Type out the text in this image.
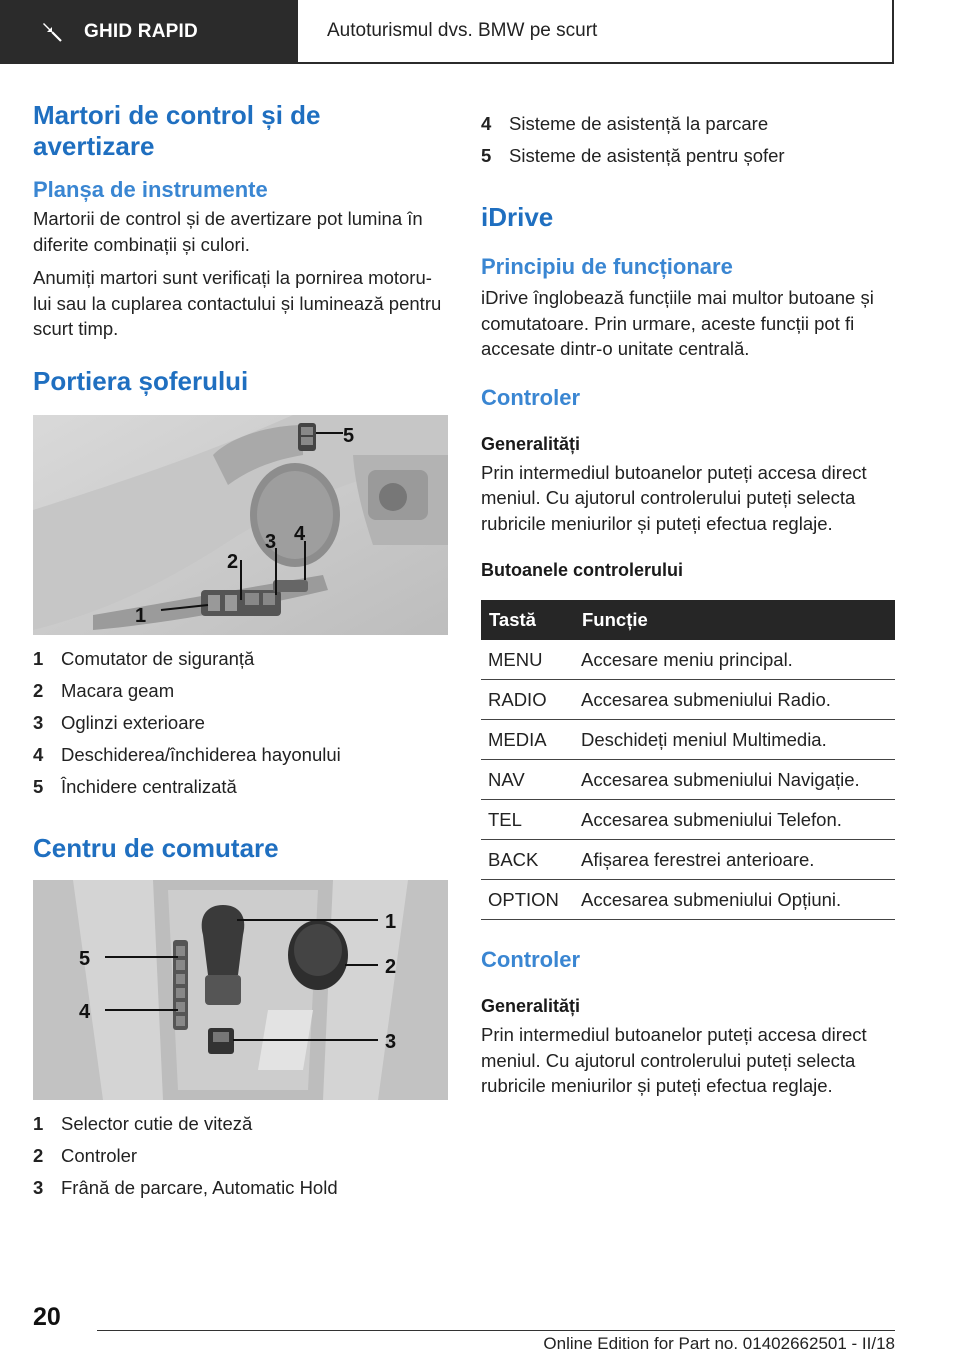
GHID RAPID	Autoturismul dvs. BMW pe scurt
Martori de control și de avertizare
Planșa de instrumente

Martorii de control și de avertizare pot lumina în diferite combinații și culori.

Anumiți martori sunt verificați la pornirea motoru-lui sau la cuplarea contactului și luminează pentru scurt timp.

Portiera șoferului
1
2
3 4
5
1 Comutator de siguranță
2 Macara geam
3 Oglinzi exterioare
4 Deschiderea/închiderea hayonului
5 Închidere centralizată
Centru de comutare
1
2
3
4
5
1 Selector cutie de viteză
2 Controler
3 Frână de parcare, Automatic Hold
4 Sisteme de asistență la parcare
5 Sisteme de asistență pentru șofer
iDrive
Principiu de funcționare

iDrive înglobează funcțiile mai multor butoane și comutatoare. Prin urmare, aceste funcții pot fi accesate dintr-o unitate centrală.

Controler
Generalități

Prin intermediul butoanelor puteți accesa direct meniul. Cu ajutorul controlerului puteți selecta rubricile meniurilor și puteți efectua reglaje.

Butoanele controlerului
Tastă	Funcție
MENU	Accesare meniu principal.
RADIO	Accesarea submeniului Radio.
MEDIA	Deschideți meniul Multimedia.
NAV	Accesarea submeniului Navigație.
TEL	Accesarea submeniului Telefon.
BACK	Afișarea ferestrei anterioare.
OPTION	Accesarea submeniului Opțiuni.
Controler
Generalități

Prin intermediul butoanelor puteți accesa direct meniul. Cu ajutorul controlerului puteți selecta rubricile meniurilor și puteți efectua reglaje.

20
Online Edition for Part no. 01402662501 - II/18
